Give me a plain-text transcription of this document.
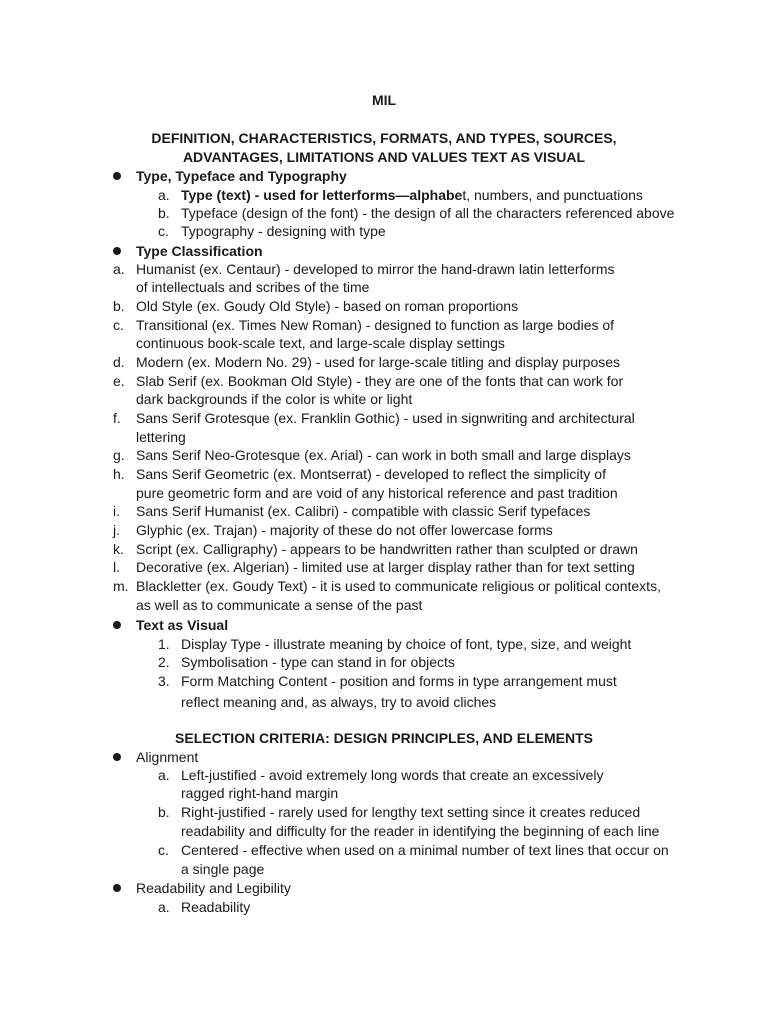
MIL
DEFINITION, CHARACTERISTICS, FORMATS, AND TYPES, SOURCES,
ADVANTAGES, LIMITATIONS AND VALUES TEXT AS VISUAL
Type, Typeface and Typography
a. Type (text) - used for letterforms—alphabet, numbers, and punctuations
b. Typeface (design of the font) - the design of all the characters referenced above
c. Typography - designing with type
Type Classification
a. Humanist (ex. Centaur) - developed to mirror the hand-drawn latin letterforms
of intellectuals and scribes of the time
b. Old Style (ex. Goudy Old Style) - based on roman proportions
c. Transitional (ex. Times New Roman) - designed to function as large bodies of
continuous book-scale text, and large-scale display settings
d. Modern (ex. Modern No. 29) - used for large-scale titling and display purposes
e. Slab Serif (ex. Bookman Old Style) - they are one of the fonts that can work for
dark backgrounds if the color is white or light
f. Sans Serif Grotesque (ex. Franklin Gothic) - used in signwriting and architectural
lettering
g. Sans Serif Neo-Grotesque (ex. Arial) - can work in both small and large displays
h. Sans Serif Geometric (ex. Montserrat) - developed to reflect the simplicity of
pure geometric form and are void of any historical reference and past tradition
i. Sans Serif Humanist (ex. Calibri) - compatible with classic Serif typefaces
j. Glyphic (ex. Trajan) - majority of these do not offer lowercase forms
k. Script (ex. Calligraphy) - appears to be handwritten rather than sculpted or drawn
l. Decorative (ex. Algerian) - limited use at larger display rather than for text setting
m. Blackletter (ex. Goudy Text) - it is used to communicate religious or political contexts,
as well as to communicate a sense of the past
Text as Visual
1. Display Type - illustrate meaning by choice of font, type, size, and weight
2. Symbolisation - type can stand in for objects
3. Form Matching Content - position and forms in type arrangement must
reflect meaning and, as always, try to avoid cliches
SELECTION CRITERIA: DESIGN PRINCIPLES, AND ELEMENTS
Alignment
a. Left-justified - avoid extremely long words that create an excessively
ragged right-hand margin
b. Right-justified - rarely used for lengthy text setting since it creates reduced
readability and difficulty for the reader in identifying the beginning of each line
c. Centered - effective when used on a minimal number of text lines that occur on
a single page
Readability and Legibility
a. Readability
